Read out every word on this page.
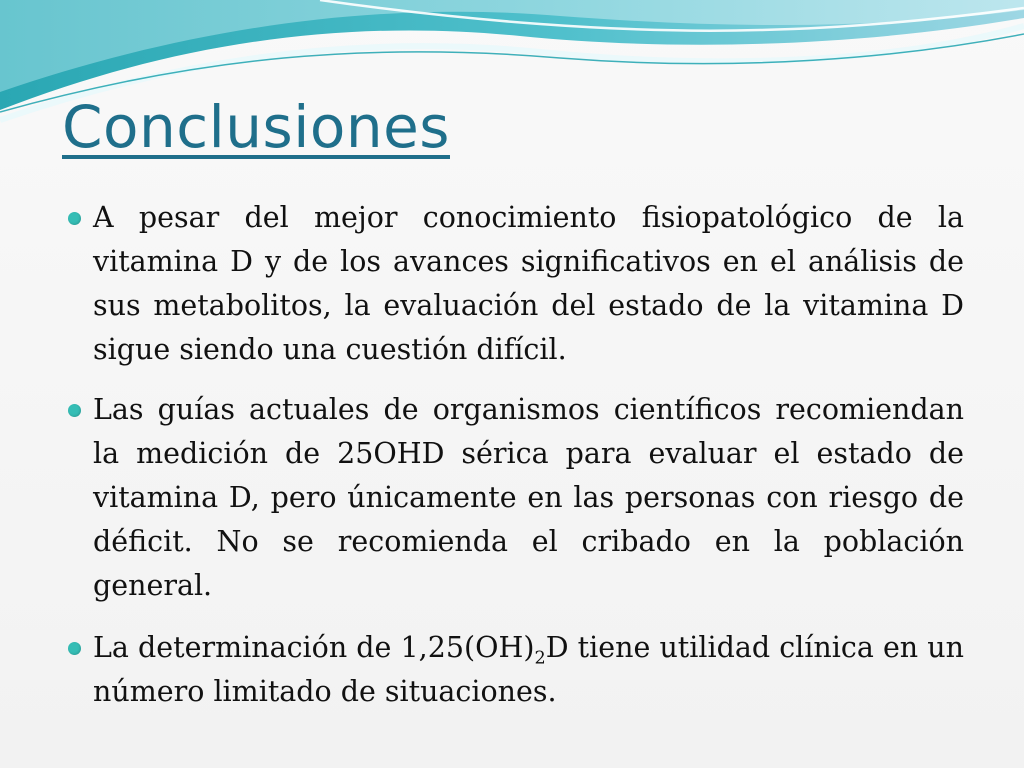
Conclusiones
A pesar del mejor conocimiento fisiopatológico de la vitamina D y de los avances significativos en el análisis de sus metabolitos, la evaluación del estado de la vitamina D sigue siendo una cuestión difícil.
Las guías actuales de organismos científicos recomiendan la medición de 25OHD sérica para evaluar el estado de vitamina D, pero únicamente en las personas con riesgo de déficit. No se recomienda el cribado en la población general.
La determinación de $1,25(OH)_2D$ tiene utilidad clínica en un número limitado de situaciones.
